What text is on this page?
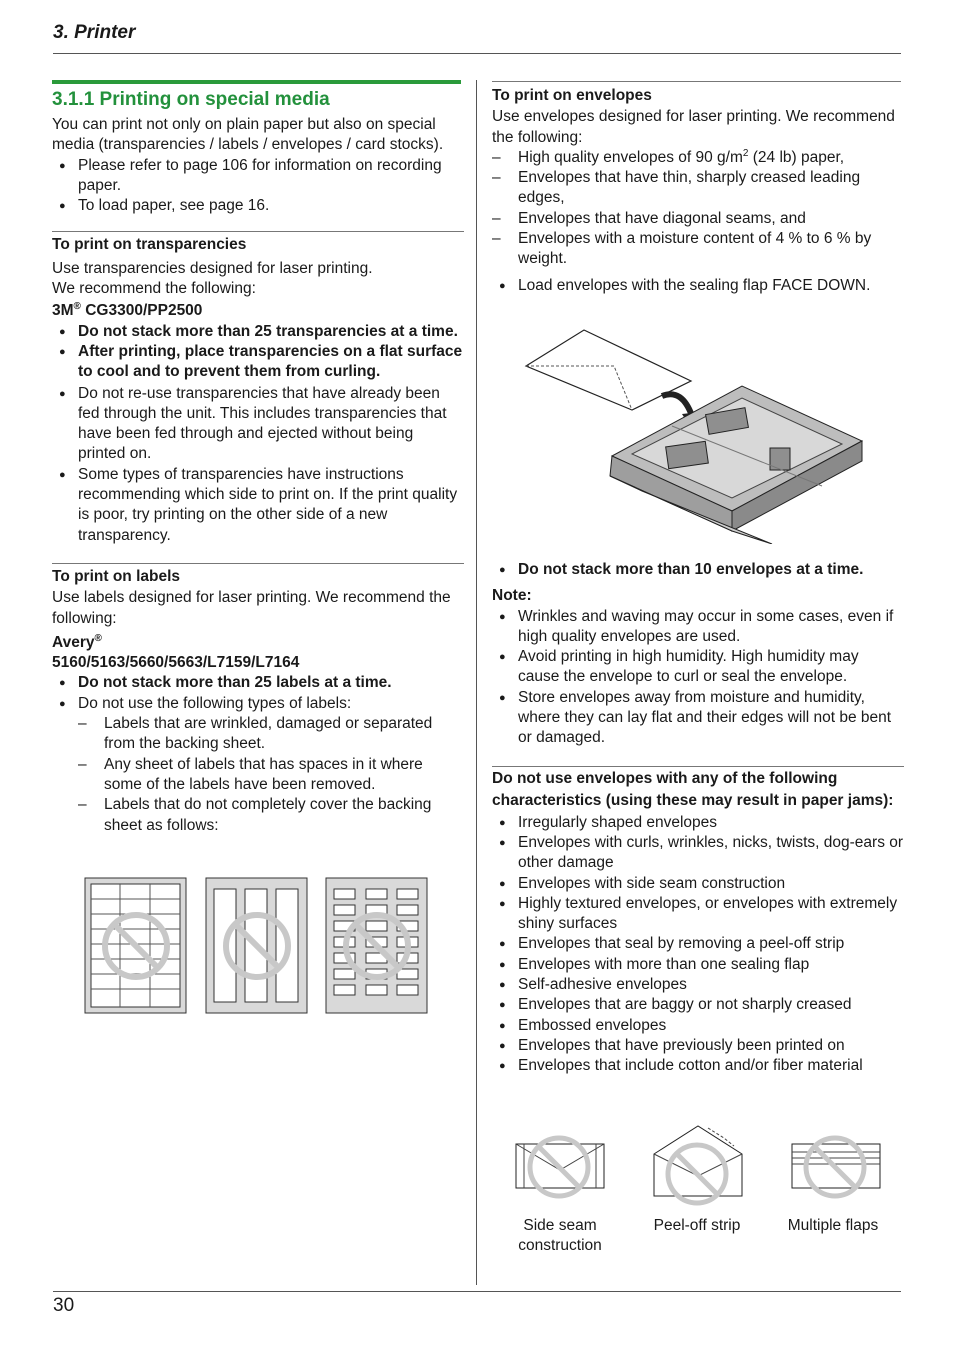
3. Printer
3.1.1 Printing on special media

You can print not only on plain paper but also on special media (transparencies / labels / envelopes / card stocks).

● Please refer to page 106 for information on recording paper.
● To load paper, see page 16.

To print on transparencies

Use transparencies designed for laser printing.

We recommend the following:

3M® CG3300/PP2500

● Do not stack more than 25 transparencies at a time.
● After printing, place transparencies on a flat surface to cool and to prevent them from curling.
● Do not re-use transparencies that have already been fed through the unit. This includes transparencies that have been fed through and ejected without being printed on.
● Some types of transparencies have instructions recommending which side to print on. If the print quality is poor, try printing on the other side of a new transparency.

To print on labels

Use labels designed for laser printing. We recommend the following:

Avery®

5160/5163/5660/5663/L7159/L7164

● Do not stack more than 25 labels at a time.
● Do not use the following types of labels:
– Labels that are wrinkled, damaged or separated from the backing sheet.
– Any sheet of labels that has spaces in it where some of the labels have been removed.
– Labels that do not completely cover the backing sheet as follows:

To print on envelopes

Use envelopes designed for laser printing. We recommend the following:

– High quality envelopes of 90 $g/m^2$ (24 lb) paper,
– Envelopes that have thin, sharply creased leading edges,
– Envelopes that have diagonal seams, and
– Envelopes with a moisture content of 4 % to 6 % by weight.
● Load envelopes with the sealing flap FACE DOWN.
● Do not stack more than 10 envelopes at a time.

Note:

● Wrinkles and waving may occur in some cases, even if high quality envelopes are used.
● Avoid printing in high humidity. High humidity may cause the envelope to curl or seal the envelope.
● Store envelopes away from moisture and humidity, where they can lay flat and their edges will not be bent or damaged.

Do not use envelopes with any of the following characteristics (using these may result in paper jams):

● Irregularly shaped envelopes
● Envelopes with curls, wrinkles, nicks, twists, dog-ears or other damage
● Envelopes with side seam construction
● Highly textured envelopes, or envelopes with extremely shiny surfaces
● Envelopes that seal by removing a peel-off strip
● Envelopes with more than one sealing flap
● Self-adhesive envelopes
● Envelopes that are baggy or not sharply creased
● Embossed envelopes
● Envelopes that have previously been printed on
● Envelopes that include cotton and/or fiber material
Side seam construction
Peel-off strip	Multiple flaps
30
